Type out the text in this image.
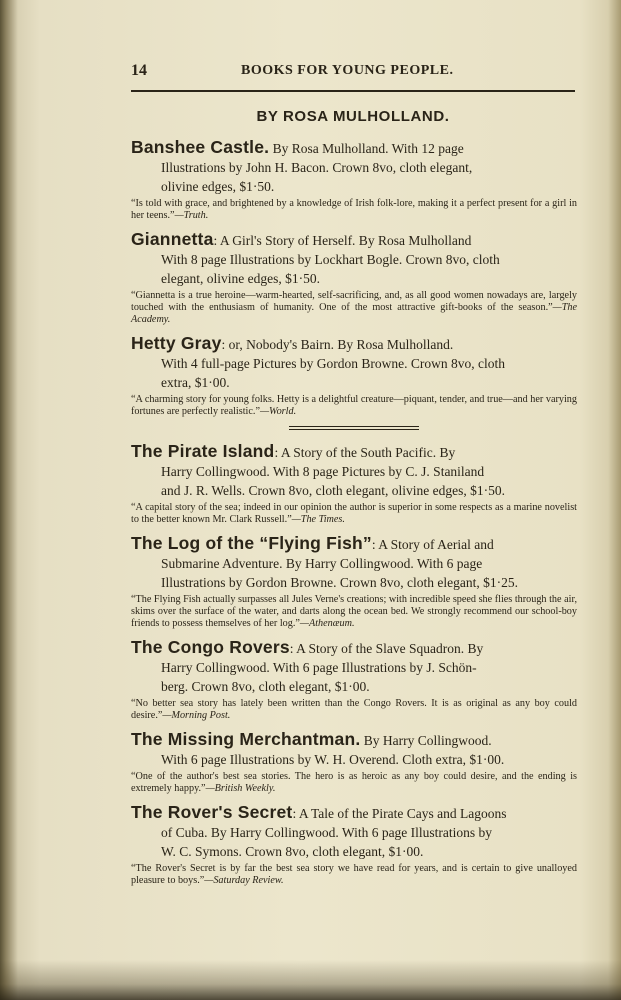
14	BOOKS FOR YOUNG PEOPLE.
BY ROSA MULHOLLAND.

Banshee Castle. By Rosa Mulholland. With 12 page
Illustrations by John H. Bacon. Crown 8vo, cloth elegant,
olivine edges, $1·50.

“Is told with grace, and brightened by a knowledge of Irish folk-lore, making it a perfect present for a girl in her teens.”—Truth.

Giannetta: A Girl's Story of Herself. By Rosa Mulholland
With 8 page Illustrations by Lockhart Bogle. Crown 8vo, cloth
elegant, olivine edges, $1·50.

“Giannetta is a true heroine—warm-hearted, self-sacrificing, and, as all good women nowadays are, largely touched with the enthusiasm of humanity. One of the most attractive gift-books of the season.”—The Academy.

Hetty Gray: or, Nobody's Bairn. By Rosa Mulholland.
With 4 full-page Pictures by Gordon Browne. Crown 8vo, cloth
extra, $1·00.

“A charming story for young folks. Hetty is a delightful creature—piquant, tender, and true—and her varying fortunes are perfectly realistic.”—World.

The Pirate Island: A Story of the South Pacific. By
Harry Collingwood. With 8 page Pictures by C. J. Staniland
and J. R. Wells. Crown 8vo, cloth elegant, olivine edges, $1·50.

“A capital story of the sea; indeed in our opinion the author is superior in some respects as a marine novelist to the better known Mr. Clark Russell.”—The Times.

The Log of the “Flying Fish”: A Story of Aerial and
Submarine Adventure. By Harry Collingwood. With 6 page
Illustrations by Gordon Browne. Crown 8vo, cloth elegant, $1·25.

“The Flying Fish actually surpasses all Jules Verne's creations; with incredible speed she flies through the air, skims over the surface of the water, and darts along the ocean bed. We strongly recommend our school-boy friends to possess themselves of her log.”—Athenæum.

The Congo Rovers: A Story of the Slave Squadron. By
Harry Collingwood. With 6 page Illustrations by J. Schön-
berg. Crown 8vo, cloth elegant, $1·00.

“No better sea story has lately been written than the Congo Rovers. It is as original as any boy could desire.”—Morning Post.

The Missing Merchantman. By Harry Collingwood.
With 6 page Illustrations by W. H. Overend. Cloth extra, $1·00.

“One of the author's best sea stories. The hero is as heroic as any boy could desire, and the ending is extremely happy.”—British Weekly.

The Rover's Secret: A Tale of the Pirate Cays and Lagoons
of Cuba. By Harry Collingwood. With 6 page Illustrations by
W. C. Symons. Crown 8vo, cloth elegant, $1·00.

“The Rover's Secret is by far the best sea story we have read for years, and is certain to give unalloyed pleasure to boys.”—Saturday Review.
